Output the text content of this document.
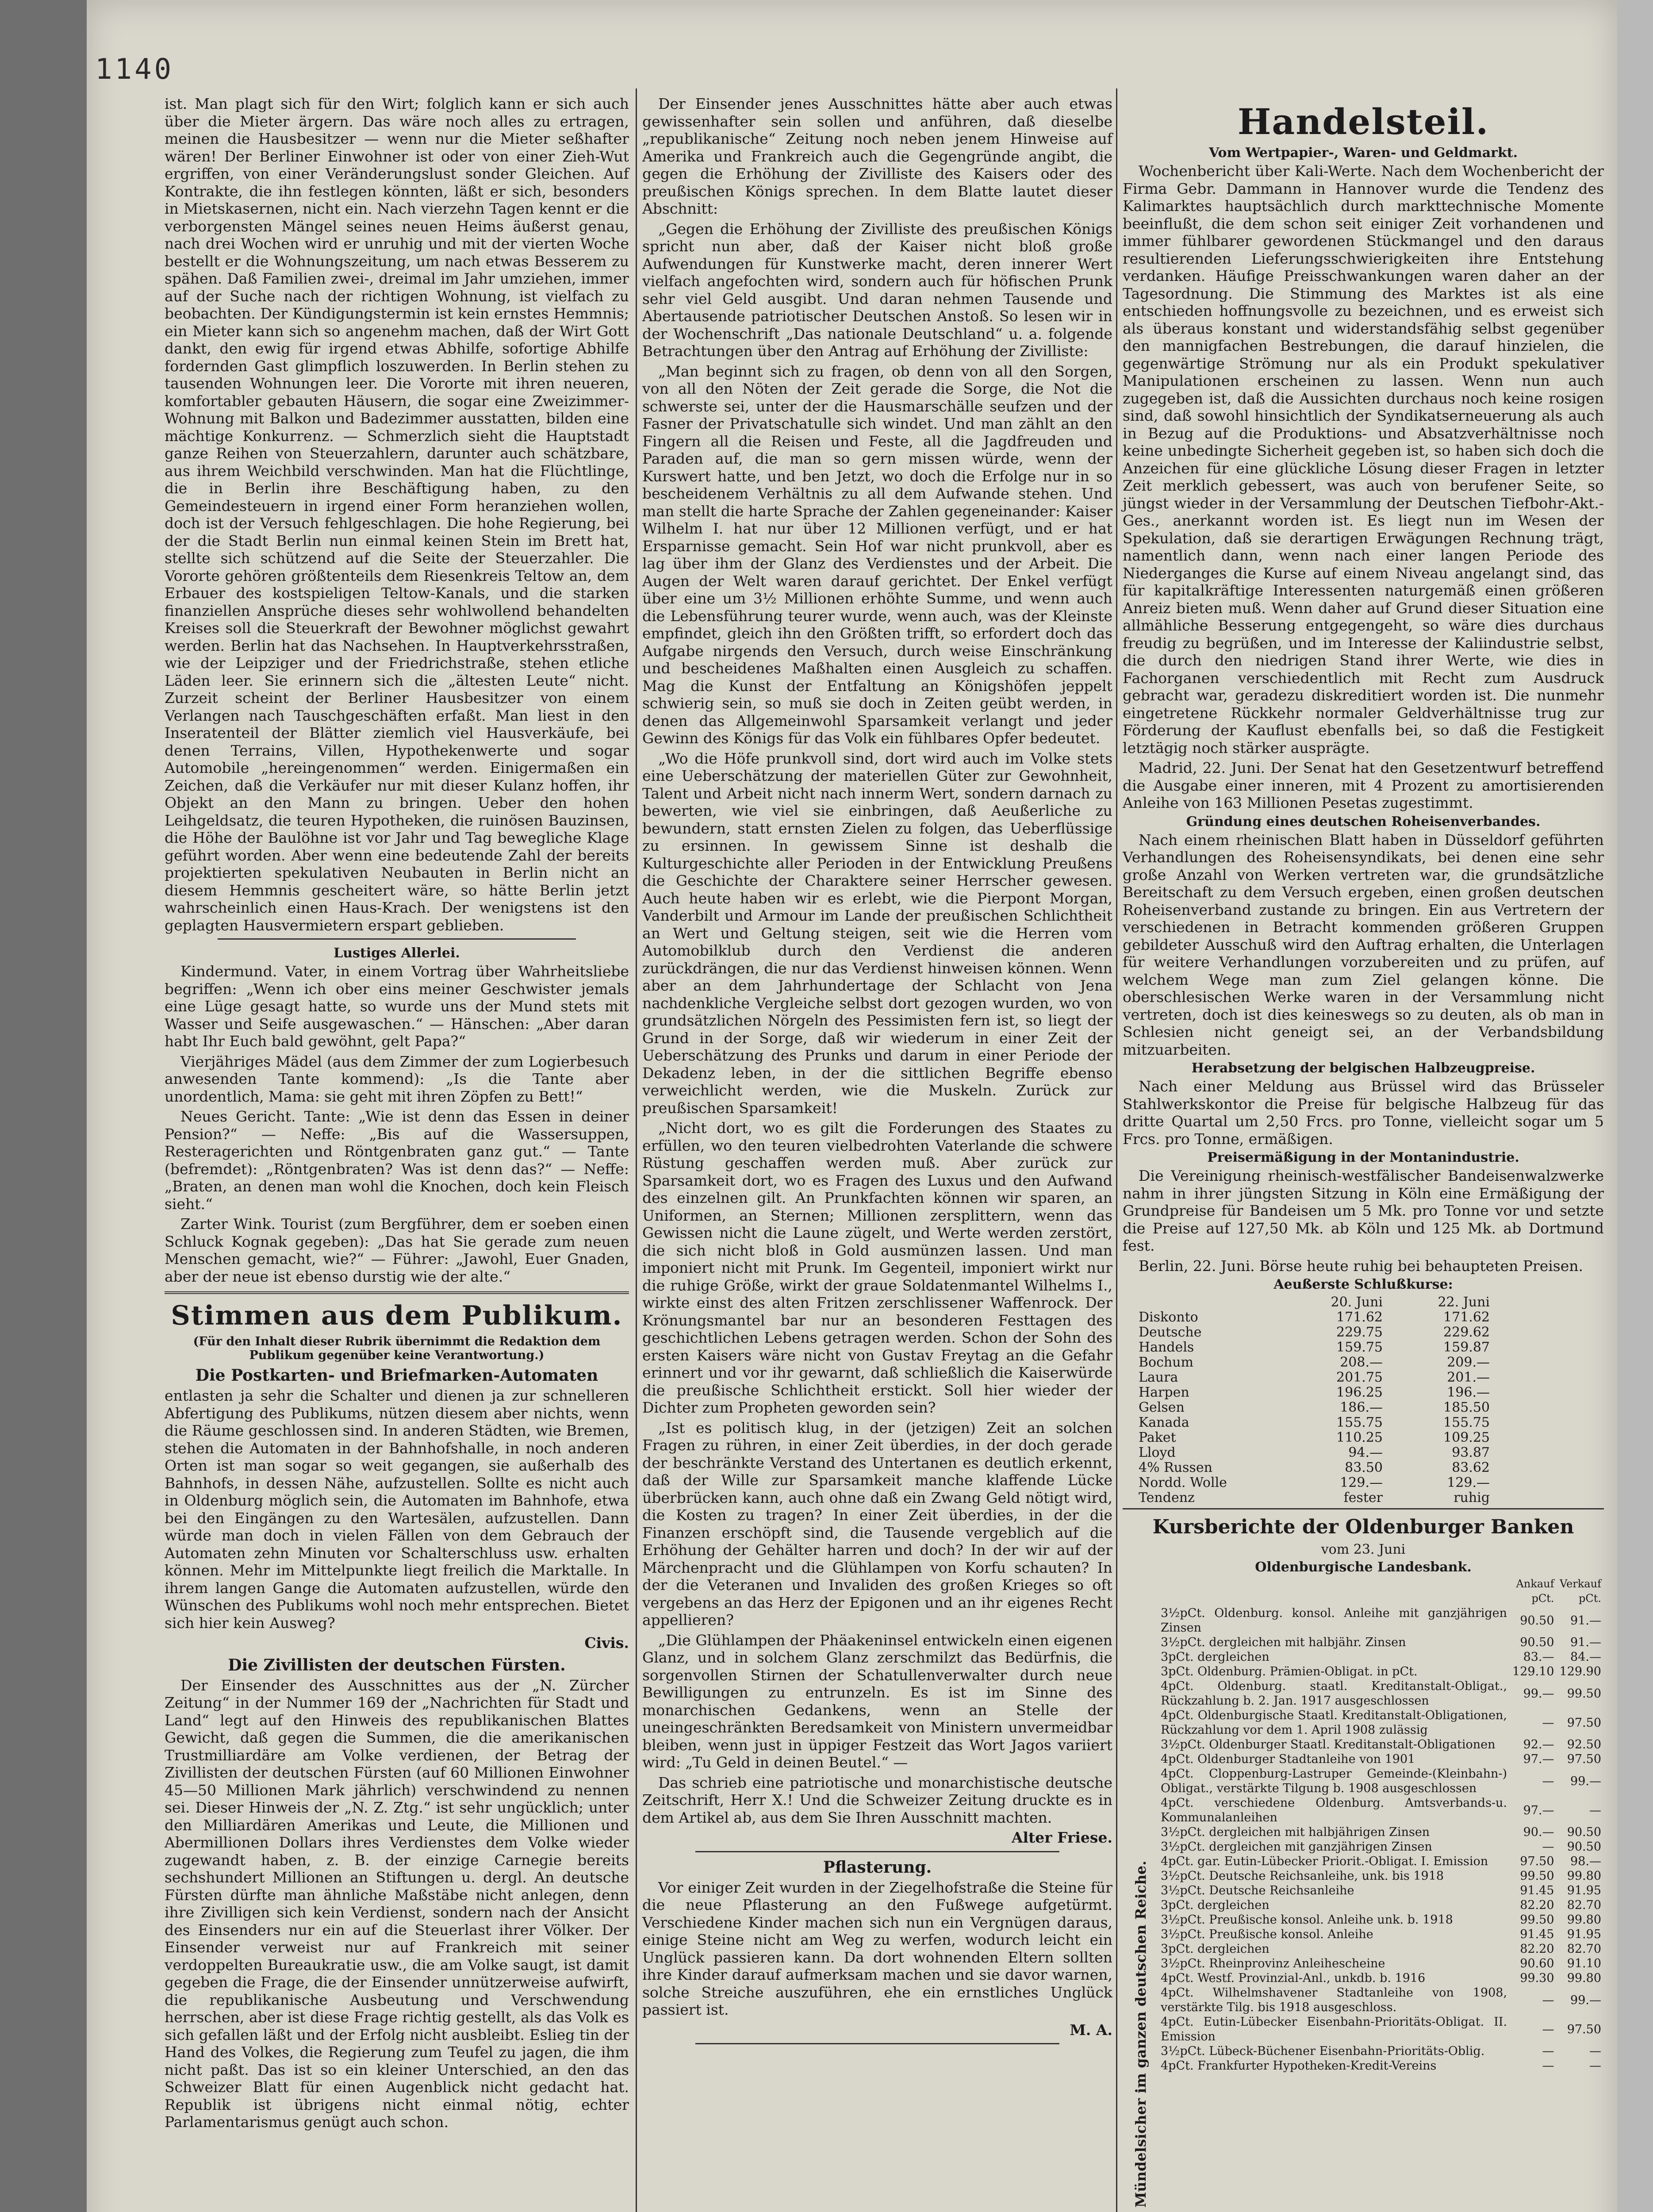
1140

ist. Man plagt sich für den Wirt; folglich kann er sich auch über die Mieter ärgern. Das wäre noch alles zu ertragen, meinen die Hausbesitzer — wenn nur die Mieter seßhafter wären! Der Berliner Einwohner ist oder von einer Zieh-Wut ergriffen, von einer Veränderungslust sonder Gleichen. Auf Kontrakte, die ihn festlegen könnten, läßt er sich, besonders in Mietskasernen, nicht ein. Nach vierzehn Tagen kennt er die verborgensten Mängel seines neuen Heims äußerst genau, nach drei Wochen wird er unruhig und mit der vierten Woche bestellt er die Wohnungszeitung, um nach etwas Besserem zu spähen. Daß Familien zwei-, dreimal im Jahr umziehen, immer auf der Suche nach der richtigen Wohnung, ist vielfach zu beobachten. Der Kündigungstermin ist kein ernstes Hemmnis; ein Mieter kann sich so angenehm machen, daß der Wirt Gott dankt, den ewig für irgend etwas Abhilfe, sofortige Abhilfe fordernden Gast glimpflich loszuwerden. In Berlin stehen zu tausenden Wohnungen leer. Die Vororte mit ihren neueren, komfortabler gebauten Häusern, die sogar eine Zweizimmer-Wohnung mit Balkon und Badezimmer ausstatten, bilden eine mächtige Konkurrenz. — Schmerzlich sieht die Hauptstadt ganze Reihen von Steuerzahlern, darunter auch schätzbare, aus ihrem Weichbild verschwinden. Man hat die Flüchtlinge, die in Berlin ihre Beschäftigung haben, zu den Gemeindesteuern in irgend einer Form heranziehen wollen, doch ist der Versuch fehlgeschlagen. Die hohe Regierung, bei der die Stadt Berlin nun einmal keinen Stein im Brett hat, stellte sich schützend auf die Seite der Steuerzahler. Die Vororte gehören größtenteils dem Riesenkreis Teltow an, dem Erbauer des kostspieligen Teltow-Kanals, und die starken finanziellen Ansprüche dieses sehr wohlwollend behandelten Kreises soll die Steuerkraft der Bewohner möglichst gewahrt werden. Berlin hat das Nachsehen. In Hauptverkehrsstraßen, wie der Leipziger und der Friedrichstraße, stehen etliche Läden leer. Sie erinnern sich die „ältesten Leute“ nicht. Zurzeit scheint der Berliner Hausbesitzer von einem Verlangen nach Tauschgeschäften erfaßt. Man liest in den Inseratenteil der Blätter ziemlich viel Hausverkäufe, bei denen Terrains, Villen, Hypothekenwerte und sogar Automobile „hereingenommen“ werden. Einigermaßen ein Zeichen, daß die Verkäufer nur mit dieser Kulanz hoffen, ihr Objekt an den Mann zu bringen. Ueber den hohen Leihgeldsatz, die teuren Hypotheken, die ruinösen Bauzinsen, die Höhe der Baulöhne ist vor Jahr und Tag bewegliche Klage geführt worden. Aber wenn eine bedeutende Zahl der bereits projektierten spekulativen Neubauten in Berlin nicht an diesem Hemmnis gescheitert wäre, so hätte Berlin jetzt wahrscheinlich einen Haus-Krach. Der wenigstens ist den geplagten Hausvermietern erspart geblieben.

Lustiges Allerlei.

Kindermund. Vater, in einem Vortrag über Wahrheitsliebe begriffen: „Wenn ich ober eins meiner Geschwister jemals eine Lüge gesagt hatte, so wurde uns der Mund stets mit Wasser und Seife ausgewaschen.“ — Hänschen: „Aber daran habt Ihr Euch bald gewöhnt, gelt Papa?“

Vierjähriges Mädel (aus dem Zimmer der zum Logierbesuch anwesenden Tante kommend): „Is die Tante aber unordentlich, Mama: sie geht mit ihren Zöpfen zu Bett!“

Neues Gericht. Tante: „Wie ist denn das Essen in deiner Pension?“ — Neffe: „Bis auf die Wassersuppen, Resteragerichten und Röntgenbraten ganz gut.“ — Tante (befremdet): „Röntgenbraten? Was ist denn das?“ — Neffe: „Braten, an denen man wohl die Knochen, doch kein Fleisch sieht.“

Zarter Wink. Tourist (zum Bergführer, dem er soeben einen Schluck Kognak gegeben): „Das hat Sie gerade zum neuen Menschen gemacht, wie?“ — Führer: „Jawohl, Euer Gnaden, aber der neue ist ebenso durstig wie der alte.“

Stimmen aus dem Publikum.

(Für den Inhalt dieser Rubrik übernimmt die Redaktion dem Publikum gegenüber keine Verantwortung.)

Die Postkarten- und Briefmarken-Automaten

entlasten ja sehr die Schalter und dienen ja zur schnelleren Abfertigung des Publikums, nützen diesem aber nichts, wenn die Räume geschlossen sind. In anderen Städten, wie Bremen, stehen die Automaten in der Bahnhofshalle, in noch anderen Orten ist man sogar so weit gegangen, sie außerhalb des Bahnhofs, in dessen Nähe, aufzustellen. Sollte es nicht auch in Oldenburg möglich sein, die Automaten im Bahnhofe, etwa bei den Eingängen zu den Wartesälen, aufzustellen. Dann würde man doch in vielen Fällen von dem Gebrauch der Automaten zehn Minuten vor Schalterschluss usw. erhalten können. Mehr im Mittelpunkte liegt freilich die Marktalle. In ihrem langen Gange die Automaten aufzustellen, würde den Wünschen des Publikums wohl noch mehr entsprechen. Bietet sich hier kein Ausweg?

Civis.

Die Zivillisten der deutschen Fürsten.

Der Einsender des Ausschnittes aus der „N. Zürcher Zeitung“ in der Nummer 169 der „Nachrichten für Stadt und Land“ legt auf den Hinweis des republikanischen Blattes Gewicht, daß gegen die Summen, die die amerikanischen Trustmilliardäre am Volke verdienen, der Betrag der Zivillisten der deutschen Fürsten (auf 60 Millionen Einwohner 45—50 Millionen Mark jährlich) verschwindend zu nennen sei. Dieser Hinweis der „N. Z. Ztg.“ ist sehr ungücklich; unter den Milliardären Amerikas und Leute, die Millionen und Abermillionen Dollars ihres Verdienstes dem Volke wieder zugewandt haben, z. B. der einzige Carnegie bereits sechshundert Millionen an Stiftungen u. dergl. An deutsche Fürsten dürfte man ähnliche Maßstäbe nicht anlegen, denn ihre Zivilligen sich kein Verdienst, sondern nach der Ansicht des Einsenders nur ein auf die Steuerlast ihrer Völker. Der Einsender verweist nur auf Frankreich mit seiner verdoppelten Bureaukratie usw., die am Volke saugt, ist damit gegeben die Frage, die der Einsender unnützerweise aufwirft, die republikanische Ausbeutung und Verschwendung herrschen, aber ist diese Frage richtig gestellt, als das Volk es sich gefallen läßt und der Erfolg nicht ausbleibt. Eslieg tin der Hand des Volkes, die Regierung zum Teufel zu jagen, die ihm nicht paßt. Das ist so ein kleiner Unterschied, an den das Schweizer Blatt für einen Augenblick nicht gedacht hat. Republik ist übrigens nicht einmal nötig, echter Parlamentarismus genügt auch schon.

Der Einsender jenes Ausschnittes hätte aber auch etwas gewissenhafter sein sollen und anführen, daß dieselbe „republikanische“ Zeitung noch neben jenem Hinweise auf Amerika und Frankreich auch die Gegengründe angibt, die gegen die Erhöhung der Zivilliste des Kaisers oder des preußischen Königs sprechen. In dem Blatte lautet dieser Abschnitt:

„Gegen die Erhöhung der Zivilliste des preußischen Königs spricht nun aber, daß der Kaiser nicht bloß große Aufwendungen für Kunstwerke macht, deren innerer Wert vielfach angefochten wird, sondern auch für höfischen Prunk sehr viel Geld ausgibt. Und daran nehmen Tausende und Abertausende patriotischer Deutschen Anstoß. So lesen wir in der Wochenschrift „Das nationale Deutschland“ u. a. folgende Betrachtungen über den Antrag auf Erhöhung der Zivilliste:

„Man beginnt sich zu fragen, ob denn von all den Sorgen, von all den Nöten der Zeit gerade die Sorge, die Not die schwerste sei, unter der die Hausmarschälle seufzen und der Fasner der Privatschatulle sich windet. Und man zählt an den Fingern all die Reisen und Feste, all die Jagdfreuden und Paraden auf, die man so gern missen würde, wenn der Kurswert hatte, und ben Jetzt, wo doch die Erfolge nur in so bescheidenem Verhältnis zu all dem Aufwande stehen. Und man stellt die harte Sprache der Zahlen gegeneinander: Kaiser Wilhelm I. hat nur über 12 Millionen verfügt, und er hat Ersparnisse gemacht. Sein Hof war nicht prunkvoll, aber es lag über ihm der Glanz des Verdienstes und der Arbeit. Die Augen der Welt waren darauf gerichtet. Der Enkel verfügt über eine um 3½ Millionen erhöhte Summe, und wenn auch die Lebensführung teurer wurde, wenn auch, was der Kleinste empfindet, gleich ihn den Größten trifft, so erfordert doch das Aufgabe nirgends den Versuch, durch weise Einschränkung und bescheidenes Maßhalten einen Ausgleich zu schaffen. Mag die Kunst der Entfaltung an Königshöfen jeppelt schwierig sein, so muß sie doch in Zeiten geübt werden, in denen das Allgemeinwohl Sparsamkeit verlangt und jeder Gewinn des Königs für das Volk ein fühlbares Opfer bedeutet.

„Wo die Höfe prunkvoll sind, dort wird auch im Volke stets eine Ueberschätzung der materiellen Güter zur Gewohnheit, Talent und Arbeit nicht nach innerm Wert, sondern darnach zu bewerten, wie viel sie einbringen, daß Aeußerliche zu bewundern, statt ernsten Zielen zu folgen, das Ueberflüssige zu ersinnen. In gewissem Sinne ist deshalb die Kulturgeschichte aller Perioden in der Entwicklung Preußens die Geschichte der Charaktere seiner Herrscher gewesen. Auch heute haben wir es erlebt, wie die Pierpont Morgan, Vanderbilt und Armour im Lande der preußischen Schlichtheit an Wert und Geltung steigen, seit wie die Herren vom Automobilklub durch den Verdienst die anderen zurückdrängen, die nur das Verdienst hinweisen können. Wenn aber an dem Jahrhundertage der Schlacht von Jena nachdenkliche Vergleiche selbst dort gezogen wurden, wo von grundsätzlichen Nörgeln des Pessimisten fern ist, so liegt der Grund in der Sorge, daß wir wiederum in einer Zeit der Ueberschätzung des Prunks und darum in einer Periode der Dekadenz leben, in der die sittlichen Begriffe ebenso verweichlicht werden, wie die Muskeln. Zurück zur preußischen Sparsamkeit!

„Nicht dort, wo es gilt die Forderungen des Staates zu erfüllen, wo den teuren vielbedrohten Vaterlande die schwere Rüstung geschaffen werden muß. Aber zurück zur Sparsamkeit dort, wo es Fragen des Luxus und den Aufwand des einzelnen gilt. An Prunkfachten können wir sparen, an Uniformen, an Sternen; Millionen zersplittern, wenn das Gewissen nicht die Laune zügelt, und Werte werden zerstört, die sich nicht bloß in Gold ausmünzen lassen. Und man imponiert nicht mit Prunk. Im Gegenteil, imponiert wirkt nur die ruhige Größe, wirkt der graue Soldatenmantel Wilhelms I., wirkte einst des alten Fritzen zerschlissener Waffenrock. Der Krönungsmantel bar nur an besonderen Festtagen des geschichtlichen Lebens getragen werden. Schon der Sohn des ersten Kaisers wäre nicht von Gustav Freytag an die Gefahr erinnert und vor ihr gewarnt, daß schließlich die Kaiserwürde die preußische Schlichtheit erstickt. Soll hier wieder der Dichter zum Propheten geworden sein?

„Ist es politisch klug, in der (jetzigen) Zeit an solchen Fragen zu rühren, in einer Zeit überdies, in der doch gerade der beschränkte Verstand des Untertanen es deutlich erkennt, daß der Wille zur Sparsamkeit manche klaffende Lücke überbrücken kann, auch ohne daß ein Zwang Geld nötigt wird, die Kosten zu tragen? In einer Zeit überdies, in der die Finanzen erschöpft sind, die Tausende vergeblich auf die Erhöhung der Gehälter harren und doch? In der wir auf der Märchenpracht und die Glühlampen von Korfu schauten? In der die Veteranen und Invaliden des großen Krieges so oft vergebens an das Herz der Epigonen und an ihr eigenes Recht appellieren?

„Die Glühlampen der Phäakeninsel entwickeln einen eigenen Glanz, und in solchem Glanz zerschmilzt das Bedürfnis, die sorgenvollen Stirnen der Schatullenverwalter durch neue Bewilligungen zu entrunzeln. Es ist im Sinne des monarchischen Gedankens, wenn an Stelle der uneingeschränkten Beredsamkeit von Ministern unvermeidbar bleiben, wenn just in üppiger Festzeit das Wort Jagos variiert wird: „Tu Geld in deinen Beutel.“ —

Das schrieb eine patriotische und monarchistische deutsche Zeitschrift, Herr X.! Und die Schweizer Zeitung druckte es in dem Artikel ab, aus dem Sie Ihren Ausschnitt machten.

Alter Friese.

Pflasterung.

Vor einiger Zeit wurden in der Ziegelhofstraße die Steine für die neue Pflasterung an den Fußwege aufgetürmt. Verschiedene Kinder machen sich nun ein Vergnügen daraus, einige Steine nicht am Weg zu werfen, wodurch leicht ein Unglück passieren kann. Da dort wohnenden Eltern sollten ihre Kinder darauf aufmerksam machen und sie davor warnen, solche Streiche auszuführen, ehe ein ernstliches Unglück passiert ist.

M. A.

Handelsteil.
Vom Wertpapier-, Waren- und Geldmarkt.

Wochenbericht über Kali-Werte. Nach dem Wochenbericht der Firma Gebr. Dammann in Hannover wurde die Tendenz des Kalimarktes hauptsächlich durch markttechnische Momente beeinflußt, die dem schon seit einiger Zeit vorhandenen und immer fühlbarer gewordenen Stückmangel und den daraus resultierenden Lieferungsschwierigkeiten ihre Entstehung verdanken. Häufige Preisschwankungen waren daher an der Tagesordnung. Die Stimmung des Marktes ist als eine entschieden hoffnungsvolle zu bezeichnen, und es erweist sich als überaus konstant und widerstandsfähig selbst gegenüber den mannigfachen Bestrebungen, die darauf hinzielen, die gegenwärtige Strömung nur als ein Produkt spekulativer Manipulationen erscheinen zu lassen. Wenn nun auch zugegeben ist, daß die Aussichten durchaus noch keine rosigen sind, daß sowohl hinsichtlich der Syndikatserneuerung als auch in Bezug auf die Produktions- und Absatzverhältnisse noch keine unbedingte Sicherheit gegeben ist, so haben sich doch die Anzeichen für eine glückliche Lösung dieser Fragen in letzter Zeit merklich gebessert, was auch von berufener Seite, so jüngst wieder in der Versammlung der Deutschen Tiefbohr-Akt.-Ges., anerkannt worden ist. Es liegt nun im Wesen der Spekulation, daß sie derartigen Erwägungen Rechnung trägt, namentlich dann, wenn nach einer langen Periode des Niederganges die Kurse auf einem Niveau angelangt sind, das für kapitalkräftige Interessenten naturgemäß einen größeren Anreiz bieten muß. Wenn daher auf Grund dieser Situation eine allmähliche Besserung entgegengeht, so wäre dies durchaus freudig zu begrüßen, und im Interesse der Kaliindustrie selbst, die durch den niedrigen Stand ihrer Werte, wie dies in Fachorganen verschiedentlich mit Recht zum Ausdruck gebracht war, geradezu diskreditiert worden ist. Die nunmehr eingetretene Rückkehr normaler Geldverhältnisse trug zur Förderung der Kauflust ebenfalls bei, so daß die Festigkeit letztägig noch stärker ausprägte.

Madrid, 22. Juni. Der Senat hat den Gesetzentwurf betreffend die Ausgabe einer inneren, mit 4 Prozent zu amortisierenden Anleihe von 163 Millionen Pesetas zugestimmt.

Gründung eines deutschen Roheisenverbandes.

Nach einem rheinischen Blatt haben in Düsseldorf geführten Verhandlungen des Roheisensyndikats, bei denen eine sehr große Anzahl von Werken vertreten war, die grundsätzliche Bereitschaft zu dem Versuch ergeben, einen großen deutschen Roheisenverband zustande zu bringen. Ein aus Vertretern der verschiedenen in Betracht kommenden größeren Gruppen gebildeter Ausschuß wird den Auftrag erhalten, die Unterlagen für weitere Verhandlungen vorzubereiten und zu prüfen, auf welchem Wege man zum Ziel gelangen könne. Die oberschlesischen Werke waren in der Versammlung nicht vertreten, doch ist dies keineswegs so zu deuten, als ob man in Schlesien nicht geneigt sei, an der Verbandsbildung mitzuarbeiten.

Herabsetzung der belgischen Halbzeugpreise.

Nach einer Meldung aus Brüssel wird das Brüsseler Stahlwerkskontor die Preise für belgische Halbzeug für das dritte Quartal um 2,50 Frcs. pro Tonne, vielleicht sogar um 5 Frcs. pro Tonne, ermäßigen.

Preisermäßigung in der Montanindustrie.

Die Vereinigung rheinisch-westfälischer Bandeisenwalzwerke nahm in ihrer jüngsten Sitzung in Köln eine Ermäßigung der Grundpreise für Bandeisen um 5 Mk. pro Tonne vor und setzte die Preise auf 127,50 Mk. ab Köln und 125 Mk. ab Dortmund fest.

Berlin, 22. Juni. Börse heute ruhig bei behaupteten Preisen.

Aeußerste Schlußkurse:
	20. Juni	22. Juni
Diskonto	171.62	171.62
Deutsche	229.75	229.62
Handels	159.75	159.87
Bochum	208.—	209.—
Laura	201.75	201.—
Harpen	196.25	196.—
Gelsen	186.—	185.50
Kanada	155.75	155.75
Paket	110.25	109.25
Lloyd	94.—	93.87
4% Russen	83.50	83.62
Nordd. Wolle	129.—	129.—
Tendenz	fester	ruhig
Kursberichte der Oldenburger Banken
vom 23. Juni
Oldenburgische Landesbank.
	Ankauf pCt.	Verkauf pCt.
3½pCt. Oldenburg. konsol. Anleihe mit ganzjährigen Zinsen	90.50	91.—
3½pCt. dergleichen mit halbjähr. Zinsen	90.50	91.—
3pCt. dergleichen	83.—	84.—
3pCt. Oldenburg. Prämien-Obligat. in pCt.	129.10	129.90
4pCt. Oldenburg. staatl. Kreditanstalt-Obligat., Rückzahlung b. 2. Jan. 1917 ausgeschlossen	99.—	99.50
4pCt. Oldenburgische Staatl. Kreditanstalt-Obligationen, Rückzahlung vor dem 1. April 1908 zulässig	—	97.50
3½pCt. Oldenburger Staatl. Kreditanstalt-Obligationen	92.—	92.50
4pCt. Oldenburger Stadtanleihe von 1901	97.—	97.50
4pCt. Cloppenburg-Lastruper Gemeinde-(Kleinbahn-) Obligat., verstärkte Tilgung b. 1908 ausgeschlossen	—	99.—
4pCt. verschiedene Oldenburg. Amtsverbands-u. Kommunalanleihen	97.—	—
3½pCt. dergleichen mit halbjährigen Zinsen	90.—	90.50
3½pCt. dergleichen mit ganzjährigen Zinsen	—	90.50
4pCt. gar. Eutin-Lübecker Priorit.-Obligat. I. Emission	97.50	98.—
3½pCt. Deutsche Reichsanleihe, unk. bis 1918	99.50	99.80
3½pCt. Deutsche Reichsanleihe	91.45	91.95
3pCt. dergleichen	82.20	82.70
3½pCt. Preußische konsol. Anleihe unk. b. 1918	99.50	99.80
3½pCt. Preußische konsol. Anleihe	91.45	91.95
3pCt. dergleichen	82.20	82.70
3½pCt. Rheinprovinz Anleihescheine	90.60	91.10
4pCt. Westf. Provinzial-Anl., unkdb. b. 1916	99.30	99.80
4pCt. Wilhelmshavener Stadtanleihe von 1908, verstärkte Tilg. bis 1918 ausgeschloss.	—	99.—
4pCt. Eutin-Lübecker Eisenbahn-Prioritäts-Obligat. II. Emission	—	97.50
3½pCt. Lübeck-Büchener Eisenbahn-Prioritäts-Oblig.	—	—
4pCt. Frankfurter Hypotheken-Kredit-Vereins	—	—
Mündelsicher im ganzen deutschen Reiche.
